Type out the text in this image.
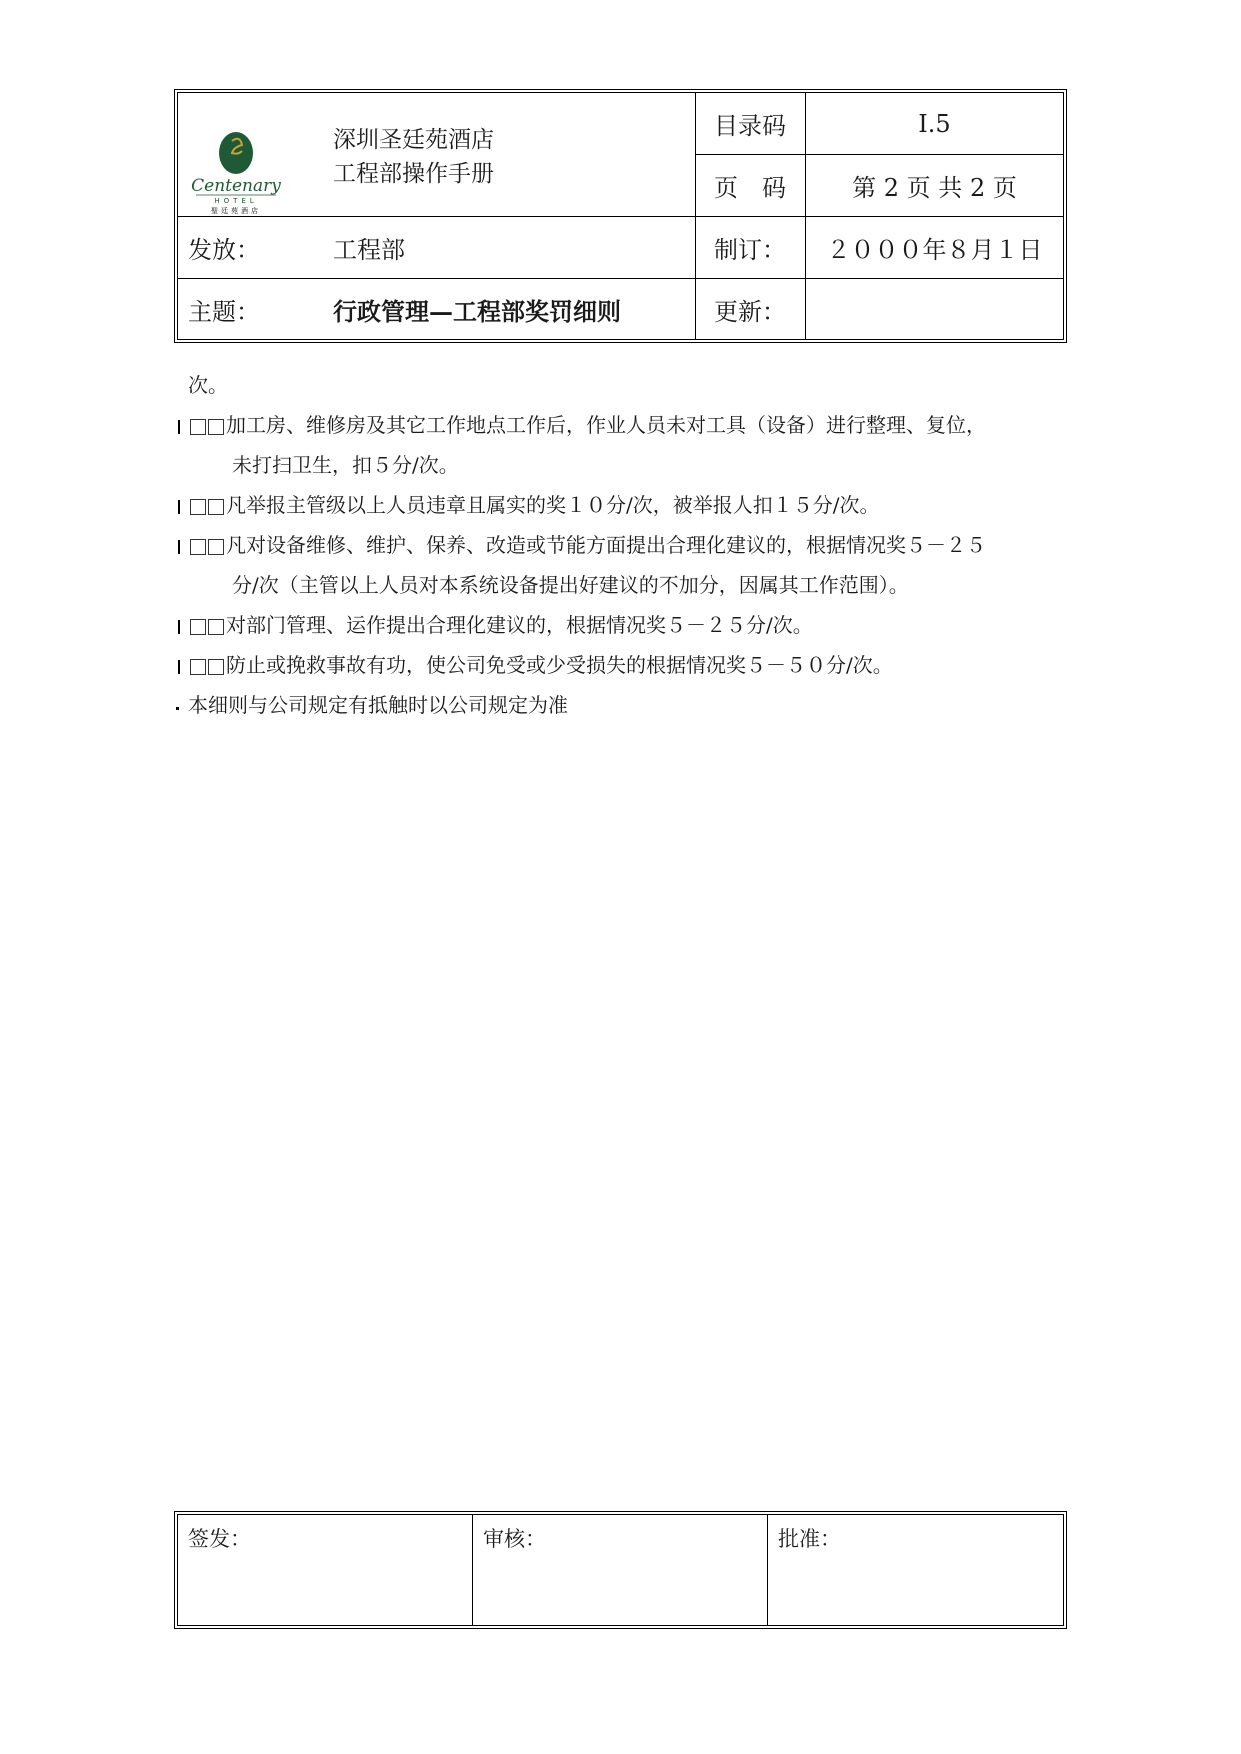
Centenary
HOTEL
聖廷苑酒店
深圳圣廷苑酒店
工程部操作手册
目录码	I.5
页　码	第 2 页 共 2 页
发放：	工程部	制订： ２０００年８月１日
主题：	行政管理—工程部奖罚细则	更新：

次。

加工房、维修房及其它工作地点工作后，作业人员未对工具（设备）进行整理、复位，

未打扫卫生，扣５分/次。

凡举报主管级以上人员违章且属实的奖１０分/次，被举报人扣１５分/次。

凡对设备维修、维护、保养、改造或节能方面提出合理化建议的，根据情况奖５－２５

分/次（主管以上人员对本系统设备提出好建议的不加分，因属其工作范围）。

对部门管理、运作提出合理化建议的，根据情况奖５－２５分/次。

防止或挽救事故有功，使公司免受或少受损失的根据情况奖５－５０分/次。

本细则与公司规定有抵触时以公司规定为准

签发：	审核：	批准：
